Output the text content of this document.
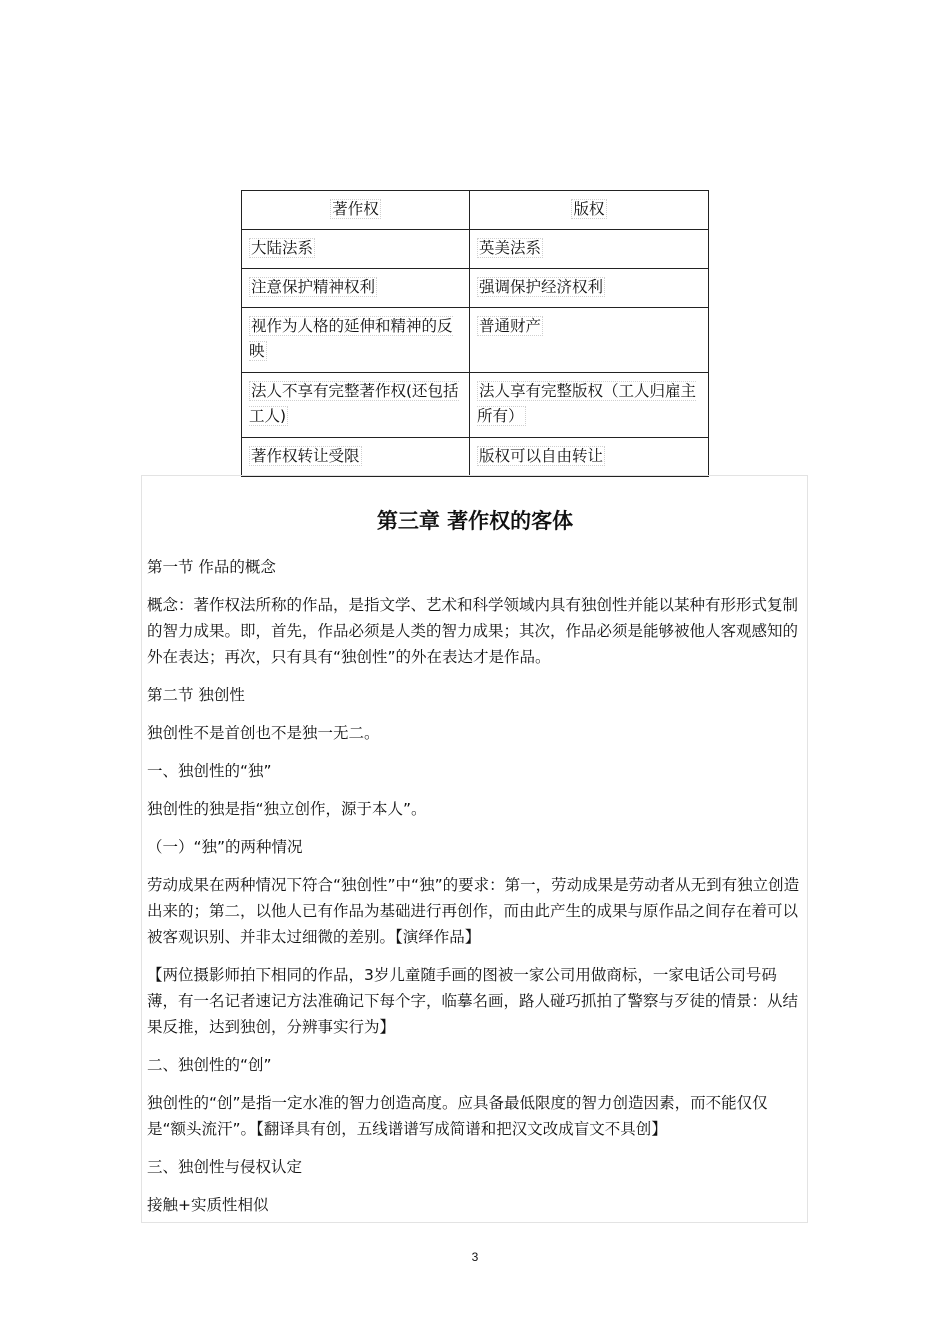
著作权	版权
大陆法系	英美法系
注意保护精神权利	强调保护经济权利
视作为人格的延伸和精神的反映	普通财产
法人不享有完整著作权(还包括工人)	法人享有完整版权（工人归雇主所有）
著作权转让受限	版权可以自由转让
第三章 著作权的客体

第一节 作品的概念

概念：著作权法所称的作品，是指文学、艺术和科学领域内具有独创性并能以某种有形形式复制的智力成果。即，首先，作品必须是人类的智力成果；其次，作品必须是能够被他人客观感知的外在表达；再次，只有具有“独创性”的外在表达才是作品。

第二节 独创性

独创性不是首创也不是独一无二。

一、独创性的“独”

独创性的独是指“独立创作，源于本人”。

（一）“独”的两种情况

劳动成果在两种情况下符合“独创性”中“独”的要求：第一，劳动成果是劳动者从无到有独立创造出来的；第二，以他人已有作品为基础进行再创作，而由此产生的成果与原作品之间存在着可以被客观识别、并非太过细微的差别。【演绎作品】

【两位摄影师拍下相同的作品，3岁儿童随手画的图被一家公司用做商标，一家电话公司号码薄，有一名记者速记方法准确记下每个字，临摹名画，路人碰巧抓拍了警察与歹徒的情景：从结果反推，达到独创，分辨事实行为】

二、独创性的“创”

独创性的“创”是指一定水准的智力创造高度。应具备最低限度的智力创造因素，而不能仅仅是“额头流汗”。【翻译具有创，五线谱谱写成简谱和把汉文改成盲文不具创】

三、独创性与侵权认定

接触+实质性相似

3
